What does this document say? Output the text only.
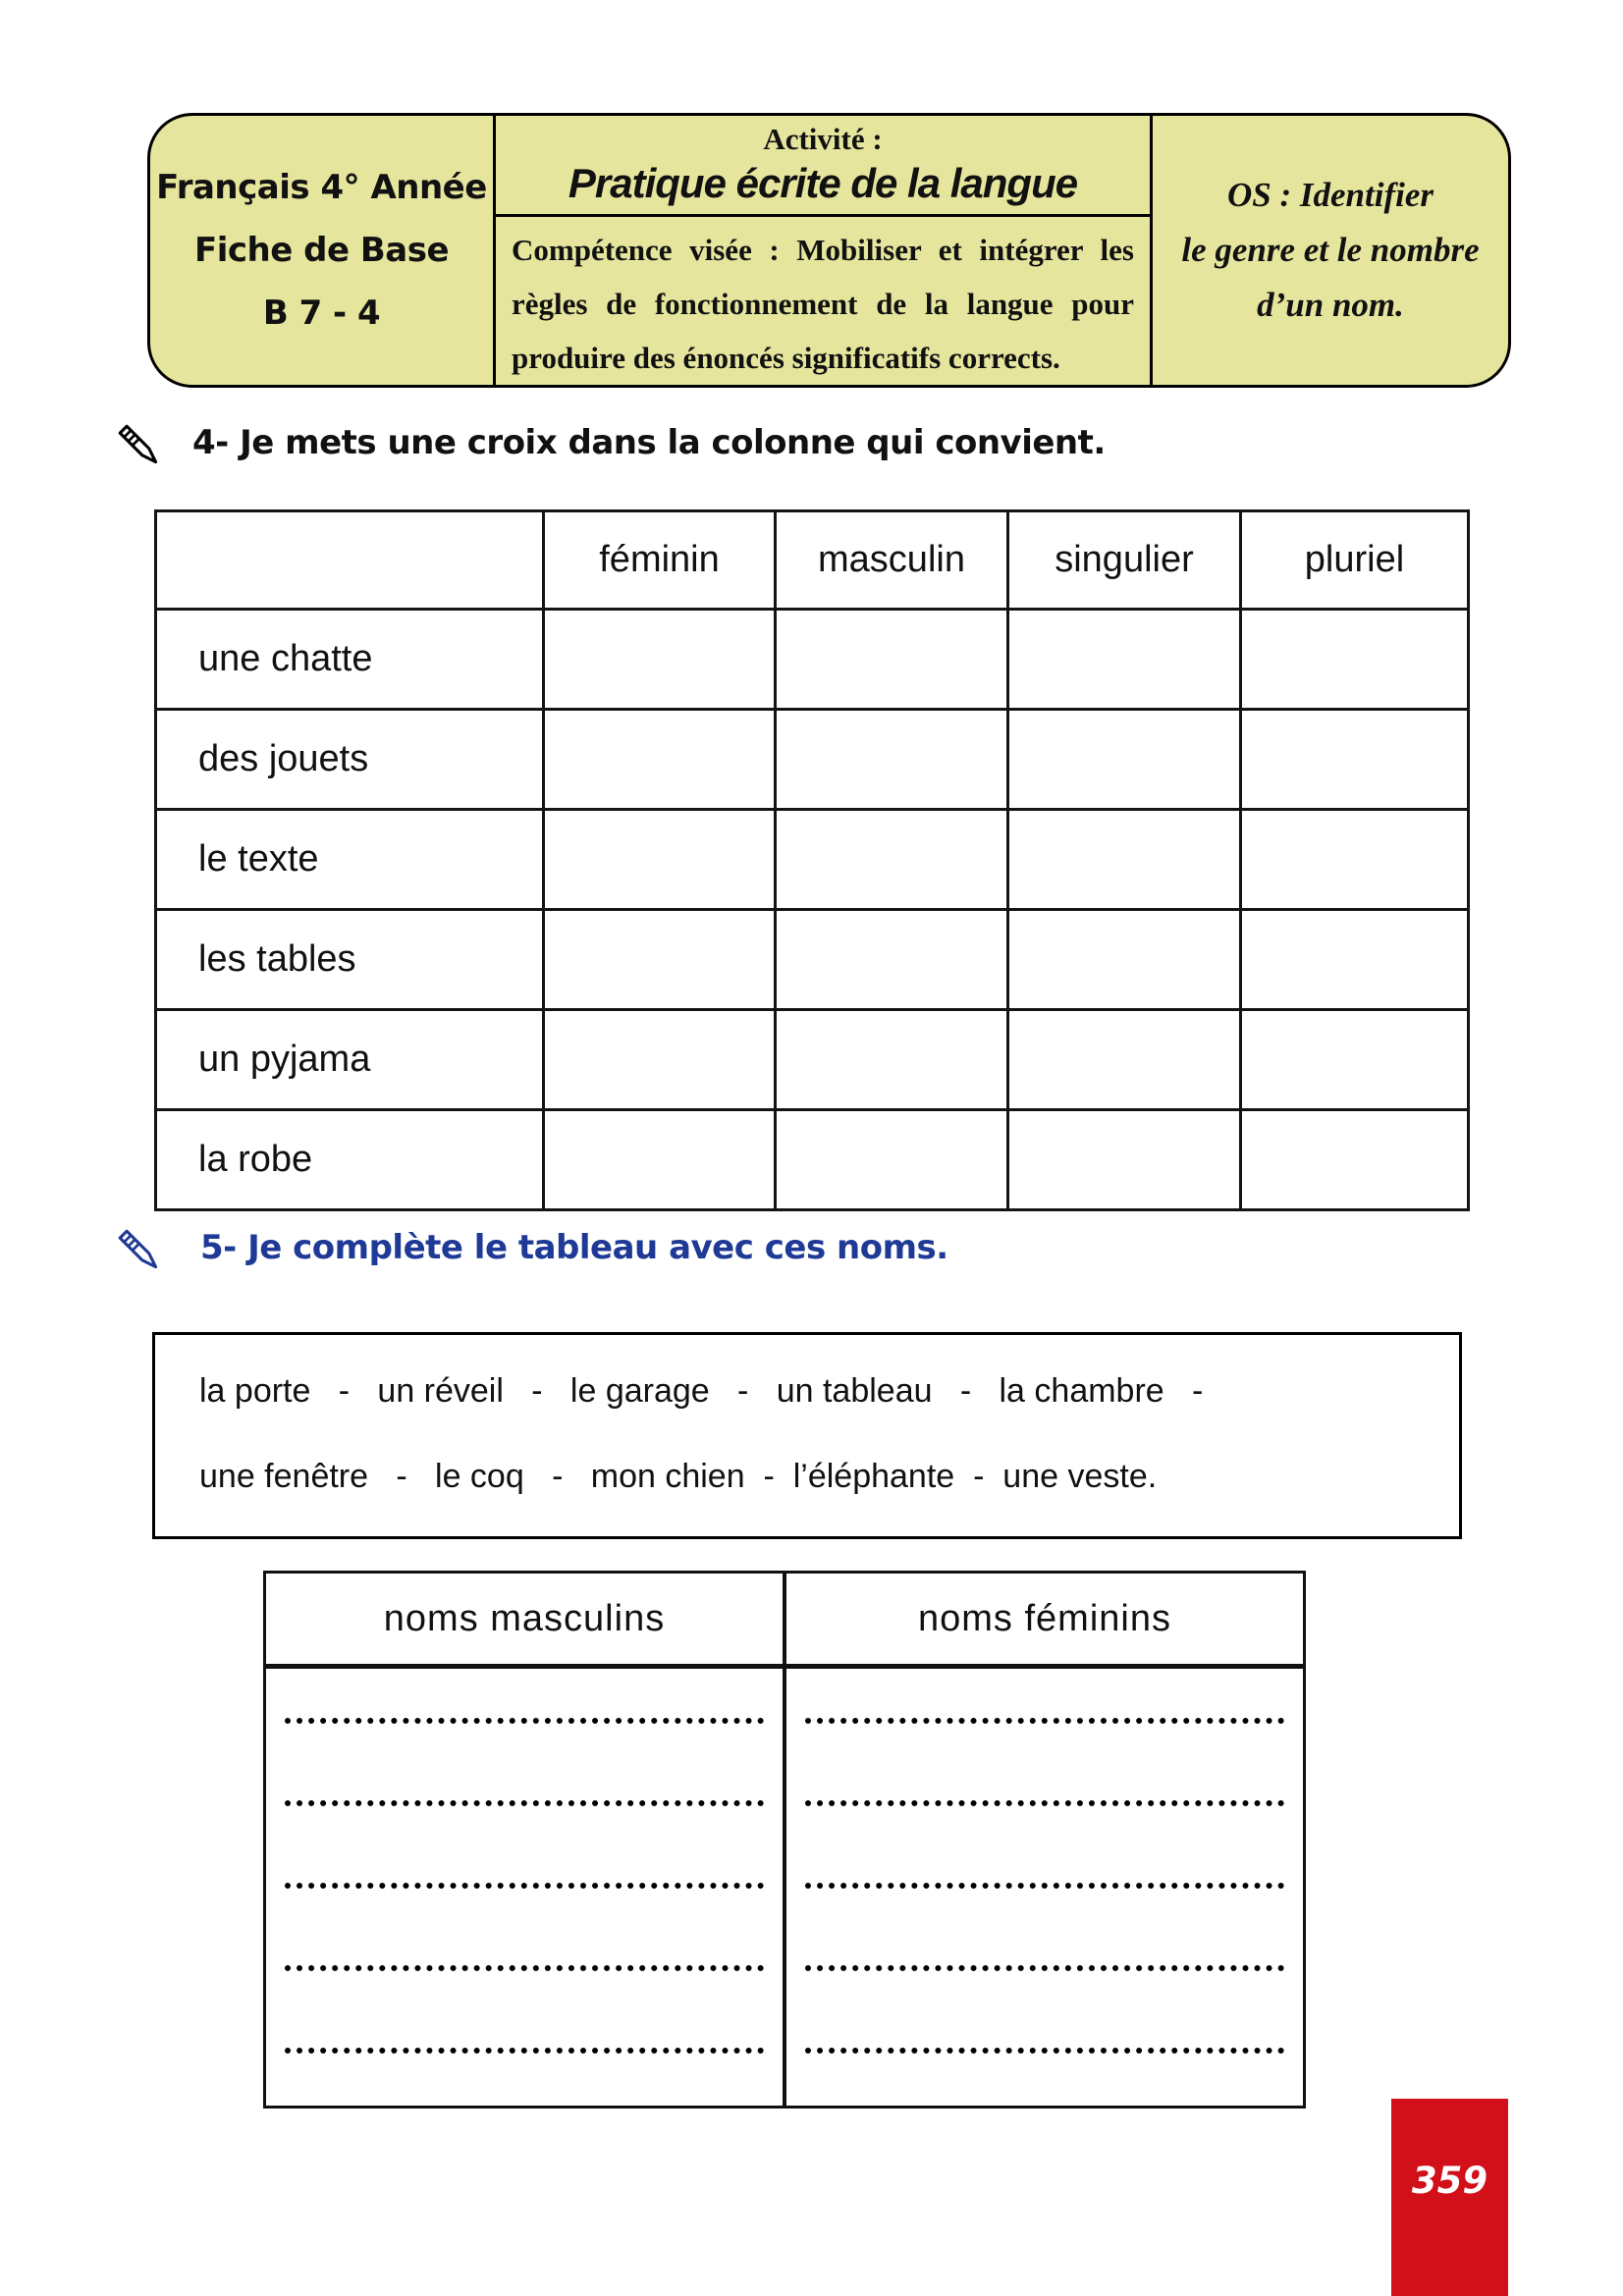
Français 4° Année
Fiche de Base
B 7 - 4
Activité :
Pratique écrite de la langue
Compétence visée : Mobiliser et intégrer les
règles de fonctionnement de la langue pour
produire des énoncés significatifs corrects.
OS : Identifier
le genre et le nombre
d’un nom.
4- Je mets une croix dans la colonne qui convient.
	féminin	masculin	singulier	pluriel
une chatte				
des jouets				
le texte				
les tables				
un pyjama				
la robe				
5- Je complète le tableau avec ces noms.
la porte   -   un réveil   -   le garage   -   un tableau   -   la chambre   -
une fenêtre   -   le coq   -   mon chien  -  l’éléphante  -  une veste.
noms masculins	noms féminins
359
